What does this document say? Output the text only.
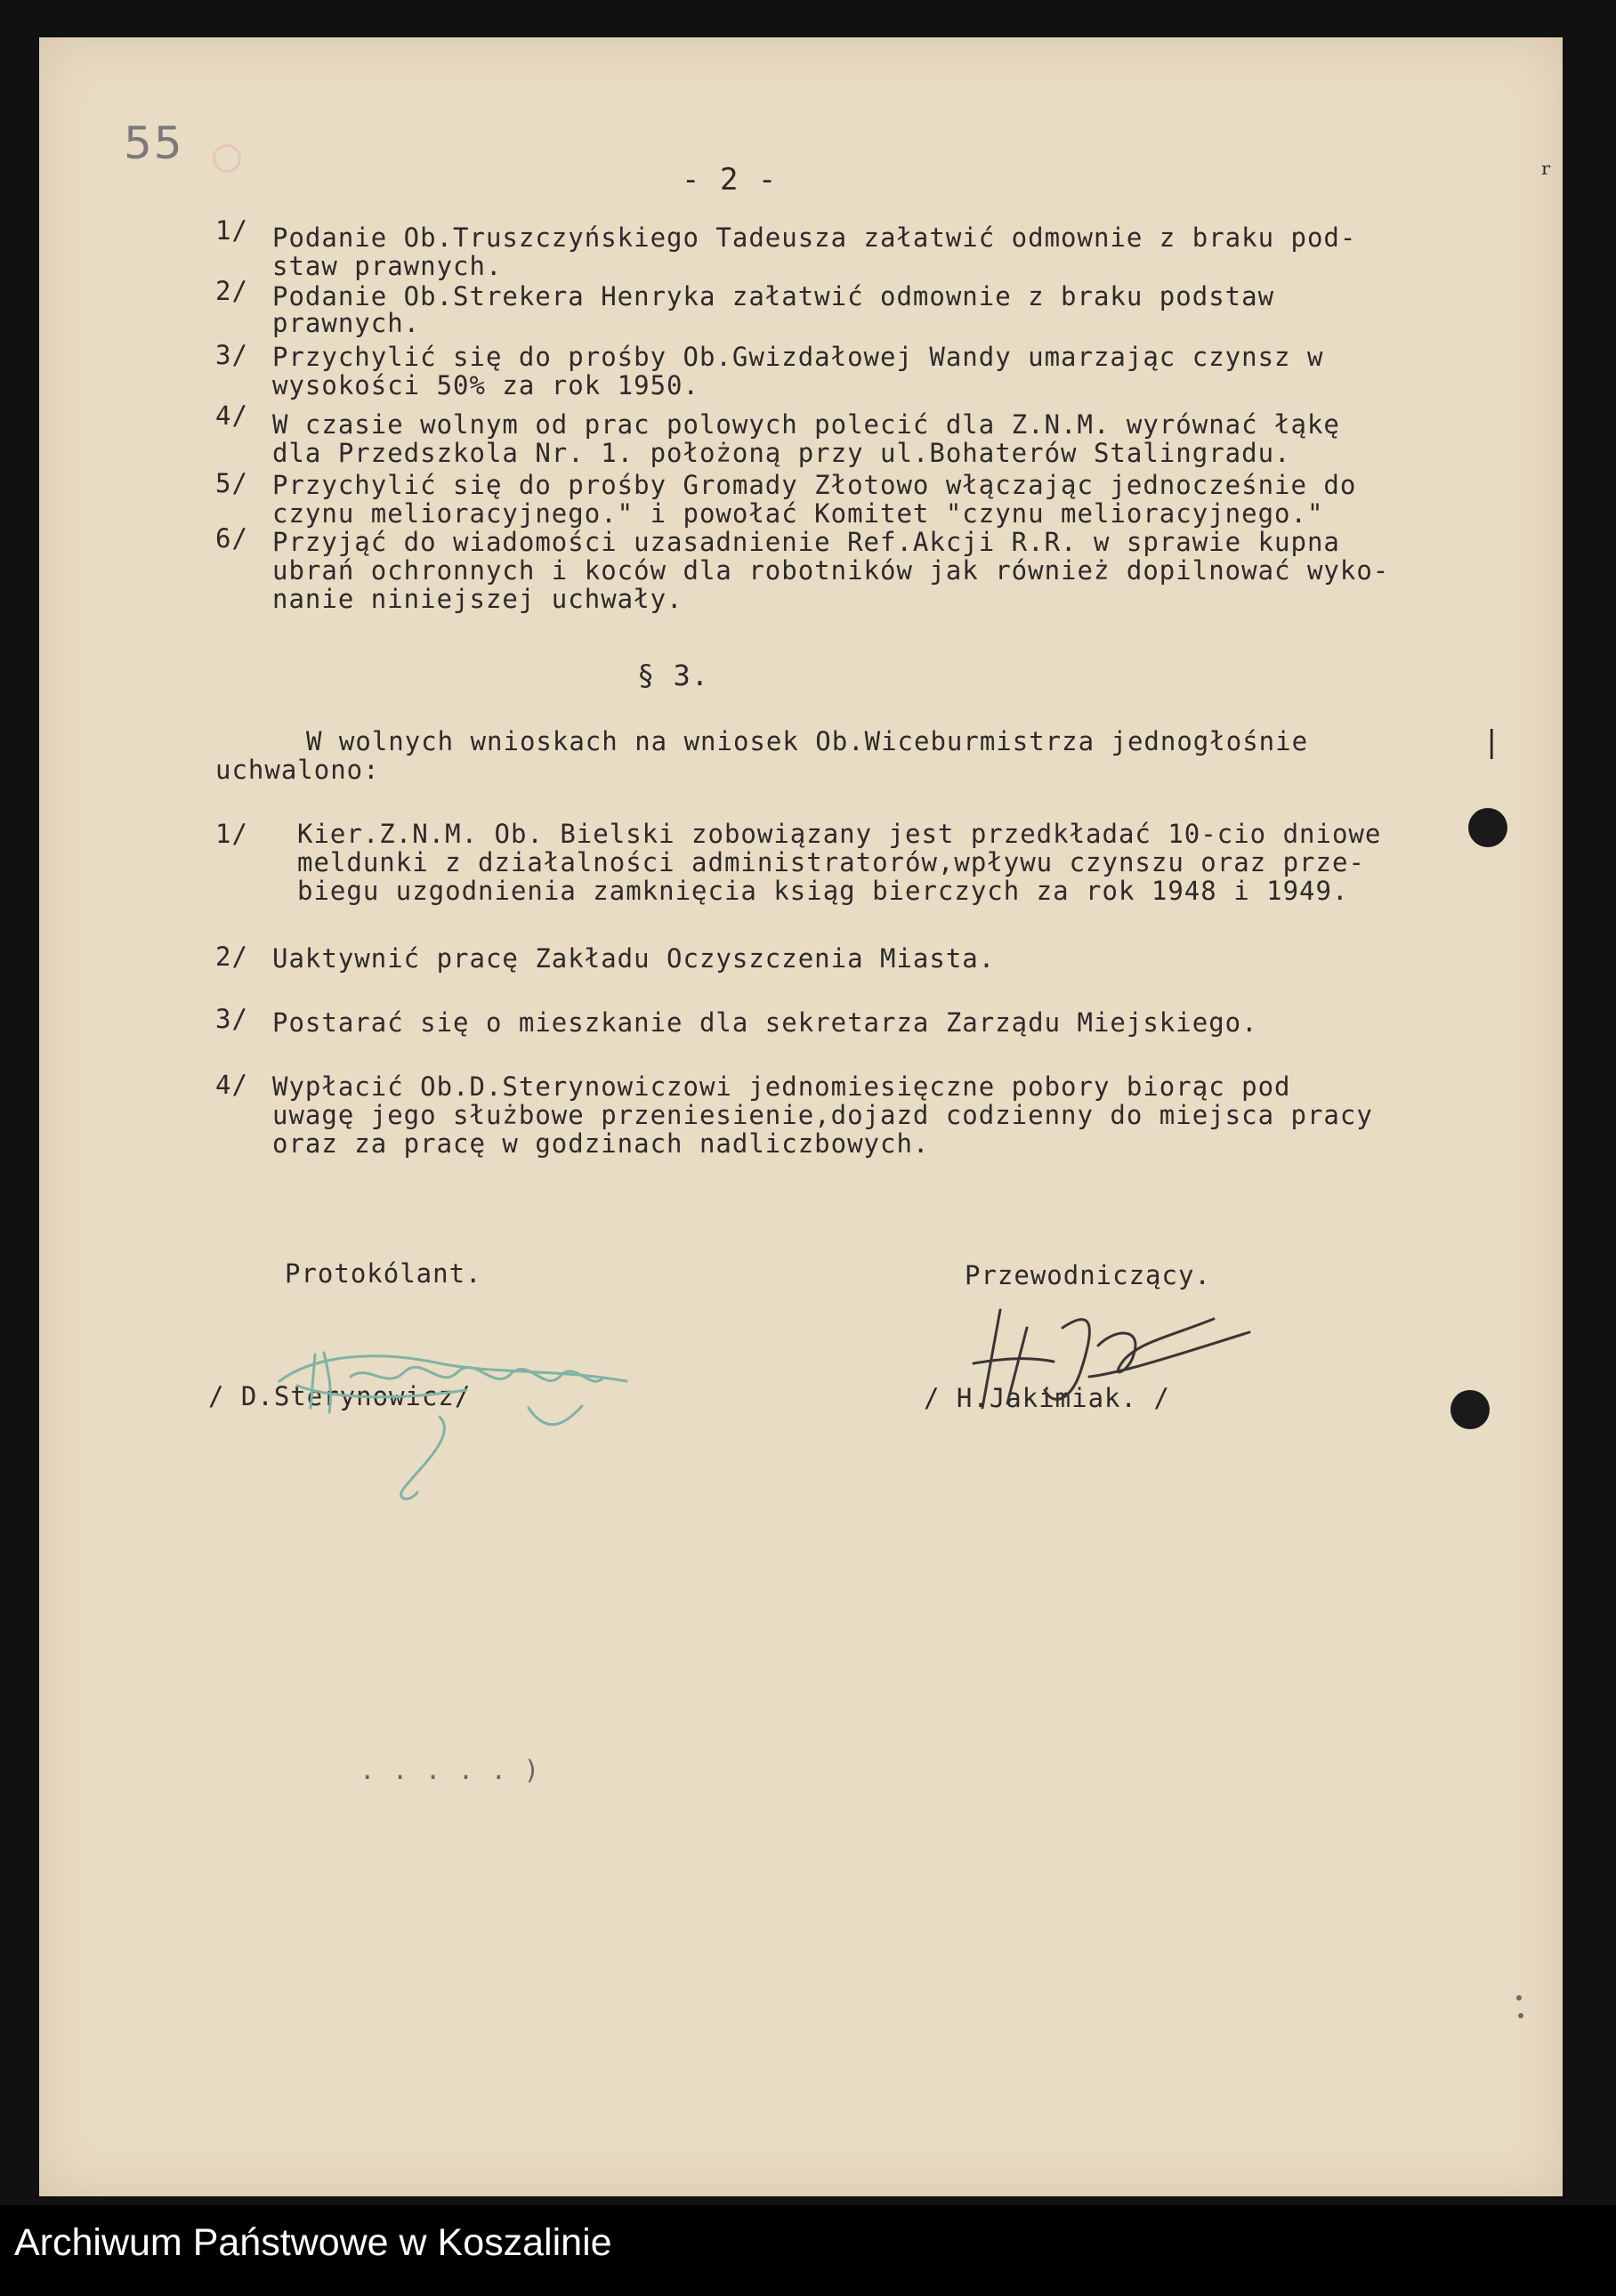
55
- 2 -	ʳ
1/ Podanie Ob.Truszczyńskiego Tadeusza załatwić odmownie z braku pod-
staw prawnych.
2/ Podanie Ob.Strekera Henryka załatwić odmownie z braku podstaw
prawnych.
3/ Przychylić się do prośby Ob.Gwizdałowej Wandy umarzając czynsz w
wysokości 50% za rok 1950.
4/ W czasie wolnym od prac polowych polecić dla Z.N.M. wyrównać łąkę
dla Przedszkola Nr. 1. położoną przy ul.Bohaterów Stalingradu.
5/ Przychylić się do prośby Gromady Złotowo włączając jednocześnie do
czynu melioracyjnego." i powołać Komitet "czynu melioracyjnego."
6/ Przyjąć do wiadomości uzasadnienie Ref.Akcji R.R. w sprawie kupna
ubrań ochronnych i koców dla robotników jak również dopilnować wyko-
nanie niniejszej uchwały.
§ 3.
W wolnych wnioskach na wniosek Ob.Wiceburmistrza jednogłośnie
uchwalono:
|
1/ Kier.Z.N.M. Ob. Bielski zobowiązany jest przedkładać 10-cio dniowe
meldunki z działalności administratorów,wpływu czynszu oraz prze-
biegu uzgodnienia zamknięcia ksiąg bierczych za rok 1948 i 1949.
2/ Uaktywnić pracę Zakładu Oczyszczenia Miasta.
3/ Postarać się o mieszkanie dla sekretarza Zarządu Miejskiego.
4/ Wypłacić Ob.D.Sterynowiczowi jednomiesięczne pobory biorąc pod
uwagę jego służbowe przeniesienie,dojazd codzienny do miejsca pracy
oraz za pracę w godzinach nadliczbowych.
Protokólant.
/ D.Sterynowicz/
Przewodniczący.
/ H.Jakimiak. /
. . . . . )
Archiwum Państwowe w Koszalinie
